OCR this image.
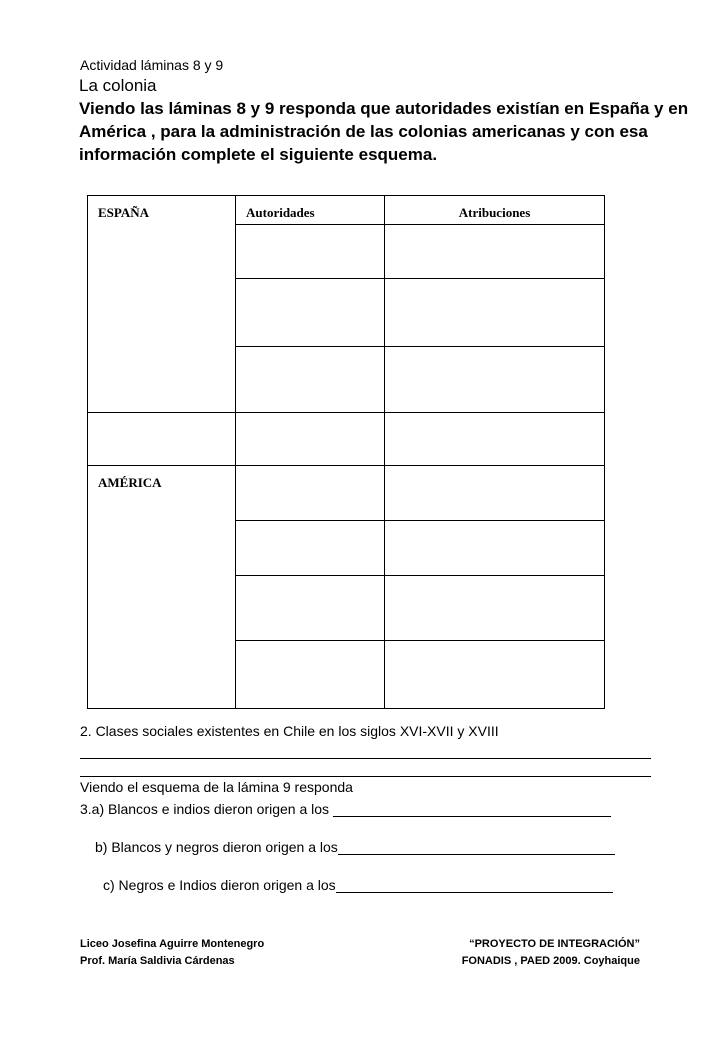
Actividad láminas 8 y 9
La colonia
Viendo las láminas 8 y 9 responda que autoridades existían en España y en América , para la administración de las colonias americanas y con esa información complete el siguiente esquema.
ESPAÑA	Autoridades	Atribuciones

AMÉRICA		

2. Clases sociales existentes en Chile en los siglos XVI-XVII y XVIII
Viendo el esquema de la lámina 9 responda
3.a) Blancos e indios dieron origen a los
b) Blancos y negros dieron origen a los
c) Negros e Indios dieron origen a los
Liceo Josefina Aguirre Montenegro
Prof. María Saldivia Cárdenas
“PROYECTO DE INTEGRACIÓN”
FONADIS , PAED 2009. Coyhaique
